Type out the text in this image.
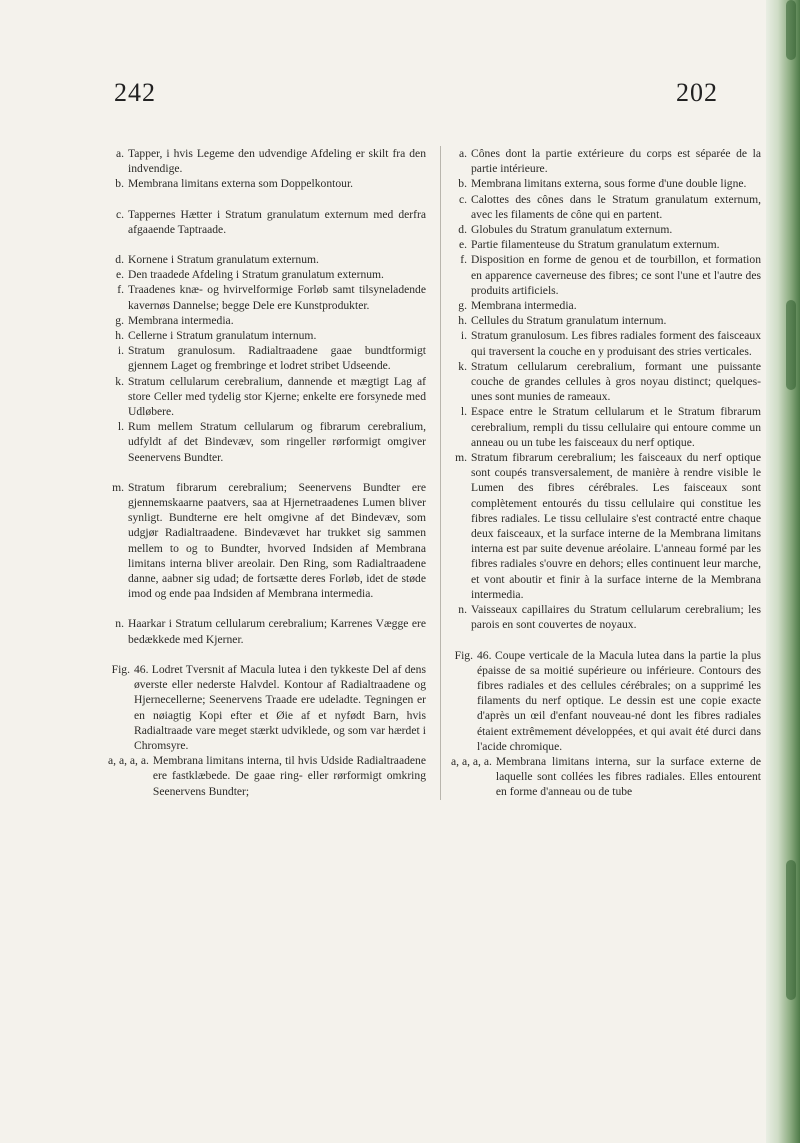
242	202
a. Tapper, i hvis Legeme den udvendige Afdeling er skilt fra den indvendige.
b. Membrana limitans externa som Doppelkontour.
c. Tappernes Hætter i Stratum granulatum externum med derfra afgaaende Taptraade.
d. Kornene i Stratum granulatum externum.
e. Den traadede Afdeling i Stratum granulatum externum.
f. Traadenes knæ- og hvirvelformige Forløb samt tilsyneladende kavernøs Dannelse; begge Dele ere Kunstprodukter.
g. Membrana intermedia.
h. Cellerne i Stratum granulatum internum.
i. Stratum granulosum. Radialtraadene gaae bundtformigt gjennem Laget og frembringe et lodret stribet Udseende.
k. Stratum cellularum cerebralium, dannende et mægtigt Lag af store Celler med tydelig stor Kjerne; enkelte ere forsynede med Udløbere.
l. Rum mellem Stratum cellularum og fibrarum cerebralium, udfyldt af det Bindevæv, som ringeller rørformigt omgiver Seenervens Bundter.
m. Stratum fibrarum cerebralium; Seenervens Bundter ere gjennemskaarne paatvers, saa at Hjernetraadenes Lumen bliver synligt. Bundterne ere helt omgivne af det Bindevæv, som udgjør Radialtraadene. Bindevævet har trukket sig sammen mellem to og to Bundter, hvorved Indsiden af Membrana limitans interna bliver areolair. Den Ring, som Radialtraadene danne, aabner sig udad; de fortsætte deres Forløb, idet de støde imod og ende paa Indsiden af Membrana intermedia.
n. Haarkar i Stratum cellularum cerebralium; Karrenes Vægge ere bedækkede med Kjerner.
Fig. 46. Lodret Tversnit af Macula lutea i den tykkeste Del af dens øverste eller nederste Halvdel. Kontour af Radialtraadene og Hjernecellerne; Seenervens Traade ere udeladte. Tegningen er en nøiagtig Kopi efter et Øie af et nyfødt Barn, hvis Radialtraade vare meget stærkt udviklede, og som var hærdet i Chromsyre.
a, a, a, a. Membrana limitans interna, til hvis Udside Radialtraadene ere fastklæbede. De gaae ring- eller rørformigt omkring Seenervens Bundter;
a. Cônes dont la partie extérieure du corps est séparée de la partie intérieure.
b. Membrana limitans externa, sous forme d'une double ligne.
c. Calottes des cônes dans le Stratum granulatum externum, avec les filaments de cône qui en partent.
d. Globules du Stratum granulatum externum.
e. Partie filamenteuse du Stratum granulatum externum.
f. Disposition en forme de genou et de tourbillon, et formation en apparence caverneuse des fibres; ce sont l'une et l'autre des produits artificiels.
g. Membrana intermedia.
h. Cellules du Stratum granulatum internum.
i. Stratum granulosum. Les fibres radiales forment des faisceaux qui traversent la couche en y produisant des stries verticales.
k. Stratum cellularum cerebralium, formant une puissante couche de grandes cellules à gros noyau distinct; quelques-unes sont munies de rameaux.
l. Espace entre le Stratum cellularum et le Stratum fibrarum cerebralium, rempli du tissu cellulaire qui entoure comme un anneau ou un tube les faisceaux du nerf optique.
m. Stratum fibrarum cerebralium; les faisceaux du nerf optique sont coupés transversalement, de manière à rendre visible le Lumen des fibres cérébrales. Les faisceaux sont complètement entourés du tissu cellulaire qui constitue les fibres radiales. Le tissu cellulaire s'est contracté entre chaque deux faisceaux, et la surface interne de la Membrana limitans interna est par suite devenue aréolaire. L'anneau formé par les fibres radiales s'ouvre en dehors; elles continuent leur marche, et vont aboutir et finir à la surface interne de la Membrana intermedia.
n. Vaisseaux capillaires du Stratum cellularum cerebralium; les parois en sont couvertes de noyaux.
Fig. 46. Coupe verticale de la Macula lutea dans la partie la plus épaisse de sa moitié supérieure ou inférieure. Contours des fibres radiales et des cellules cérébrales; on a supprimé les filaments du nerf optique. Le dessin est une copie exacte d'après un œil d'enfant nouveau-né dont les fibres radiales étaient extrêmement développées, et qui avait été durci dans l'acide chromique.
a, a, a, a. Membrana limitans interna, sur la surface externe de laquelle sont collées les fibres radiales. Elles entourent en forme d'anneau ou de tube
